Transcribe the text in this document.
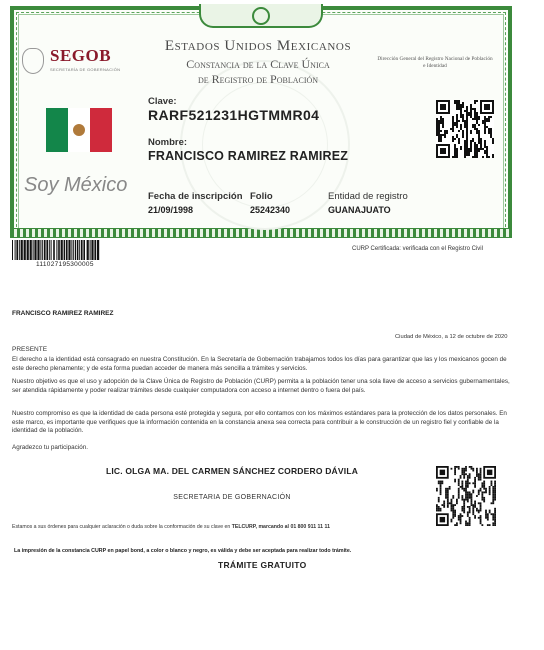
SEGOB
SECRETARÍA DE GOBERNACIÓN
Estados Unidos Mexicanos
Constancia de la Clave Única
de Registro de Población
Dirección General del Registro Nacional de Población e Identidad
Clave:
RARF521231HGTMMR04
Nombre:
FRANCISCO RAMIREZ RAMIREZ
Soy México
Fecha de inscripción
21/09/1998
Folio
25242340
Entidad de registro
GUANAJUATO
111027195300005
CURP Certificada: verificada con el Registro Civil
FRANCISCO RAMIREZ RAMIREZ
Ciudad de México, a 12 de octubre de 2020
PRESENTE
El derecho a la identidad está consagrado en nuestra Constitución. En la Secretaría de Gobernación trabajamos todos los días para garantizar que las y los mexicanos gocen de este derecho plenamente; y de esta forma puedan acceder de manera más sencilla a trámites y servicios.
Nuestro objetivo es que el uso y adopción de la Clave Única de Registro de Población (CURP) permita a la población tener una sola llave de acceso a servicios gubernamentales, ser atendida rápidamente y poder realizar trámites desde cualquier computadora con acceso a internet dentro o fuera del país.
Nuestro compromiso es que la identidad de cada persona esté protegida y segura, por ello contamos con los máximos estándares para la protección de los datos personales. En este marco, es importante que verifiques que la información contenida en la constancia anexa sea correcta para contribuir a le construcción de un registro fiel y confiable de la identidad de la población.
Agradezco tu participación.
LIC. OLGA MA. DEL CARMEN SÁNCHEZ CORDERO DÁVILA
SECRETARIA DE GOBERNACIÓN
Estamos a sus órdenes para cualquier aclaración o duda sobre la conformación de su clave en TELCURP, marcando al 01 800 911 11 11
La impresión de la constancia CURP en papel bond, a color o blanco y negro, es válida y debe ser aceptada para realizar todo trámite.
TRÁMITE GRATUITO
